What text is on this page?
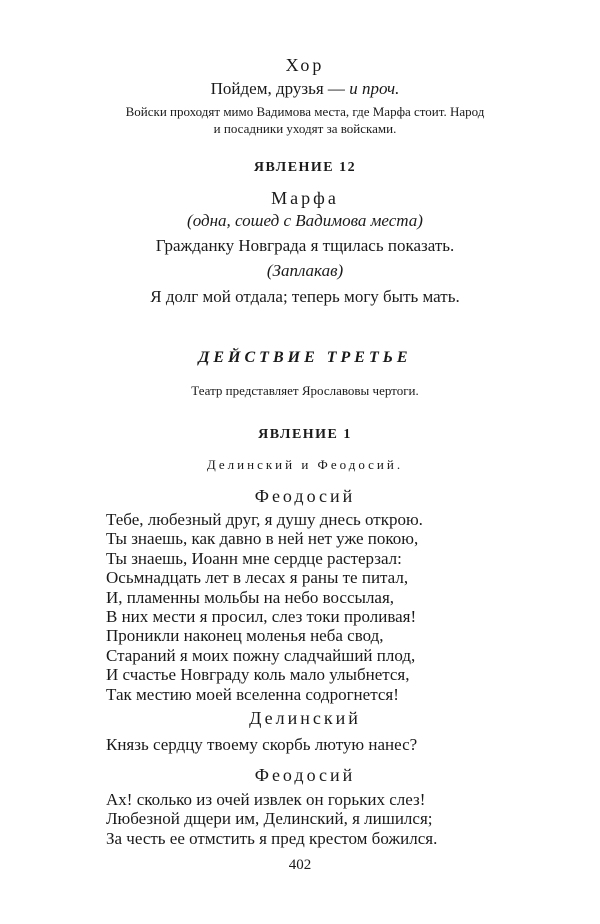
Хор
Пойдем, друзья — и проч.
Войски проходят мимо Вадимова места, где Марфа стоит. Народ
и посадники уходят за войсками.
ЯВЛЕНИЕ 12
Марфа
(одна, сошед с Вадимова места)
Гражданку Новграда я тщилась показать.
(Заплакав)
Я долг мой отдала; теперь могу быть мать.
ДЕЙСТВИЕ ТРЕТЬЕ
Театр представляет Ярославовы чертоги.
ЯВЛЕНИЕ 1
Делинский и Феодосий.
Феодосий
Тебе, любезный друг, я душу днесь открою.
Ты знаешь, как давно в ней нет уже покою,
Ты знаешь, Иоанн мне сердце растерзал:
Осьмнадцать лет в лесах я раны те питал,
И, пламенны мольбы на небо воссылая,
В них мести я просил, слез токи проливая!
Проникли наконец моленья неба свод,
Стараний я моих пожну сладчайший плод,
И счастье Новграду коль мало улыбнется,
Так местию моей вселенна содрогнется!
Делинский
Князь сердцу твоему скорбь лютую нанес?
Феодосий
Ах! сколько из очей извлек он горьких слез!
Любезной дщери им, Делинский, я лишился;
За честь ее отмстить я пред крестом божился.
402
